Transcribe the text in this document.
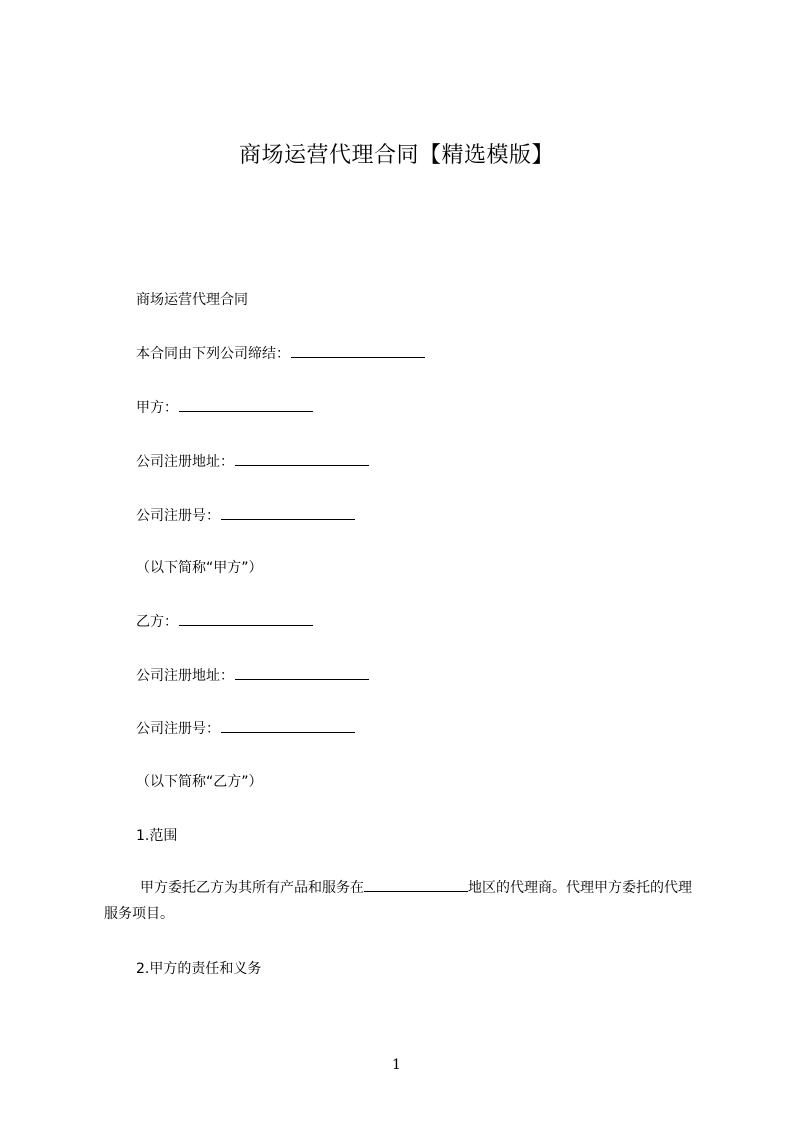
商场运营代理合同【精选模版】
商场运营代理合同
本合同由下列公司缔结：
甲方：
公司注册地址：
公司注册号：
（以下简称“甲方”）
乙方：
公司注册地址：
公司注册号：
（以下简称“乙方”）
1.范围
甲方委托乙方为其所有产品和服务在	地区的代理商。代理甲方委托的代理服务项目。
2.甲方的责任和义务
1
